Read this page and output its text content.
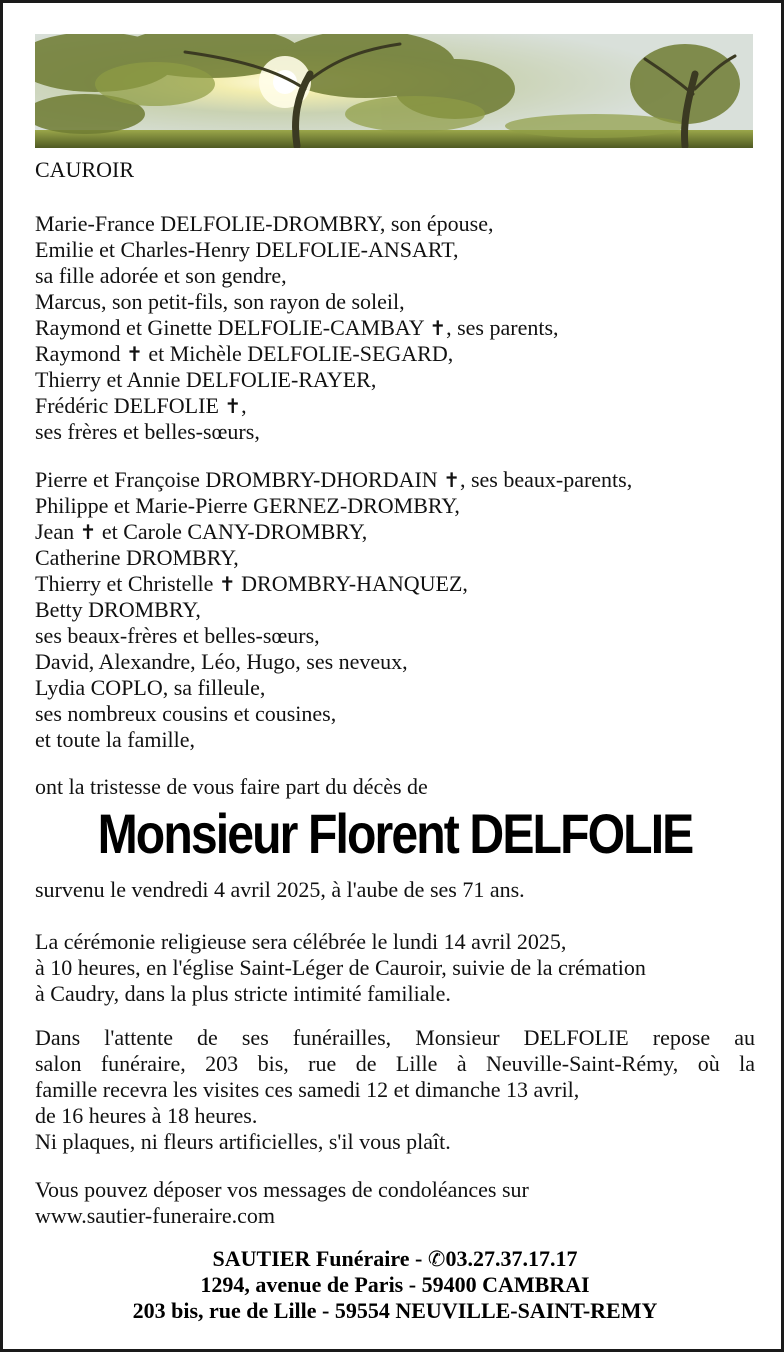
CAUROIR
Marie-France DELFOLIE-DROMBRY, son épouse,
Emilie et Charles-Henry DELFOLIE-ANSART,
sa fille adorée et son gendre,
Marcus, son petit-fils, son rayon de soleil,
Raymond et Ginette DELFOLIE-CAMBAY ✝, ses parents,
Raymond ✝ et Michèle DELFOLIE-SEGARD,
Thierry et Annie DELFOLIE-RAYER,
Frédéric DELFOLIE ✝,
ses frères et belles-sœurs,
Pierre et Françoise DROMBRY-DHORDAIN ✝, ses beaux-parents,
Philippe et Marie-Pierre GERNEZ-DROMBRY,
Jean ✝ et Carole CANY-DROMBRY,
Catherine DROMBRY,
Thierry et Christelle ✝ DROMBRY-HANQUEZ,
Betty DROMBRY,
ses beaux-frères et belles-sœurs,
David, Alexandre, Léo, Hugo, ses neveux,
Lydia COPLO, sa filleule,
ses nombreux cousins et cousines,
et toute la famille,
ont la tristesse de vous faire part du décès de
Monsieur Florent DELFOLIE
survenu le vendredi 4 avril 2025, à l'aube de ses 71 ans.
La cérémonie religieuse sera célébrée le lundi 14 avril 2025,
à 10 heures, en l'église Saint-Léger de Cauroir, suivie de la crémation
à Caudry, dans la plus stricte intimité familiale.
Dans l'attente de ses funérailles, Monsieur DELFOLIE repose au
salon funéraire, 203 bis, rue de Lille à Neuville-Saint-Rémy, où la
famille recevra les visites ces samedi 12 et dimanche 13 avril,
de 16 heures à 18 heures.
Ni plaques, ni fleurs artificielles, s'il vous plaît.
Vous pouvez déposer vos messages de condoléances sur
www.sautier-funeraire.com
SAUTIER Funéraire - ✆03.27.37.17.17
1294, avenue de Paris - 59400 CAMBRAI
203 bis, rue de Lille - 59554 NEUVILLE-SAINT-REMY
